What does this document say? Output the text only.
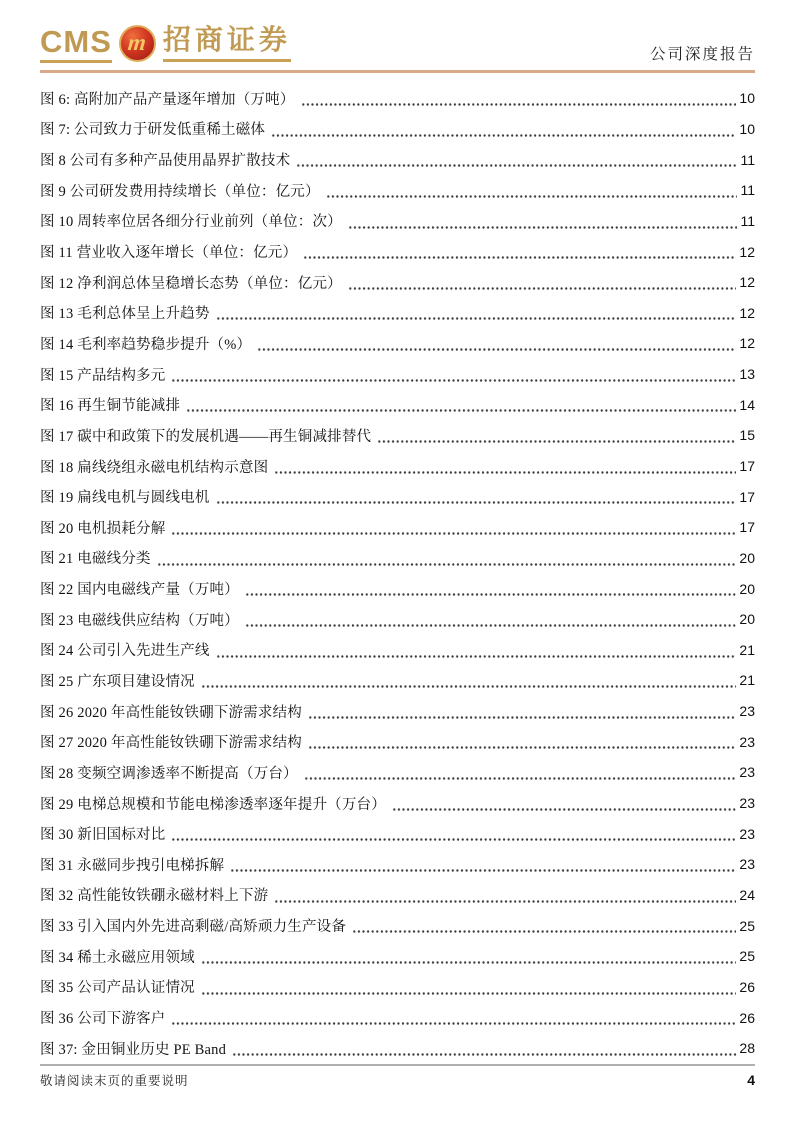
CMS m 招商证券	公司深度报告
图 6: 高附加产品产量逐年增加（万吨）	10
图 7: 公司致力于研发低重稀土磁体	10
图 8 公司有多种产品使用晶界扩散技术	11
图 9 公司研发费用持续增长（单位：亿元）	11
图 10 周转率位居各细分行业前列（单位：次）	11
图 11 营业收入逐年增长（单位：亿元）	12
图 12 净利润总体呈稳增长态势（单位：亿元）	12
图 13 毛利总体呈上升趋势	12
图 14 毛利率趋势稳步提升（%）	12
图 15 产品结构多元	13
图 16 再生铜节能减排	14
图 17 碳中和政策下的发展机遇——再生铜减排替代	15
图 18 扁线绕组永磁电机结构示意图	17
图 19 扁线电机与圆线电机	17
图 20 电机损耗分解	17
图 21 电磁线分类	20
图 22 国内电磁线产量（万吨）	20
图 23 电磁线供应结构（万吨）	20
图 24 公司引入先进生产线	21
图 25 广东项目建设情况	21
图 26 2020 年高性能钕铁硼下游需求结构	23
图 27 2020 年高性能钕铁硼下游需求结构	23
图 28 变频空调渗透率不断提高（万台）	23
图 29 电梯总规模和节能电梯渗透率逐年提升（万台）	23
图 30 新旧国标对比	23
图 31 永磁同步拽引电梯拆解	23
图 32 高性能钕铁硼永磁材料上下游	24
图 33 引入国内外先进高剩磁/高矫顽力生产设备	25
图 34 稀土永磁应用领域	25
图 35 公司产品认证情况	26
图 36 公司下游客户	26
图 37: 金田铜业历史 PE Band	28
敬请阅读末页的重要说明	4
